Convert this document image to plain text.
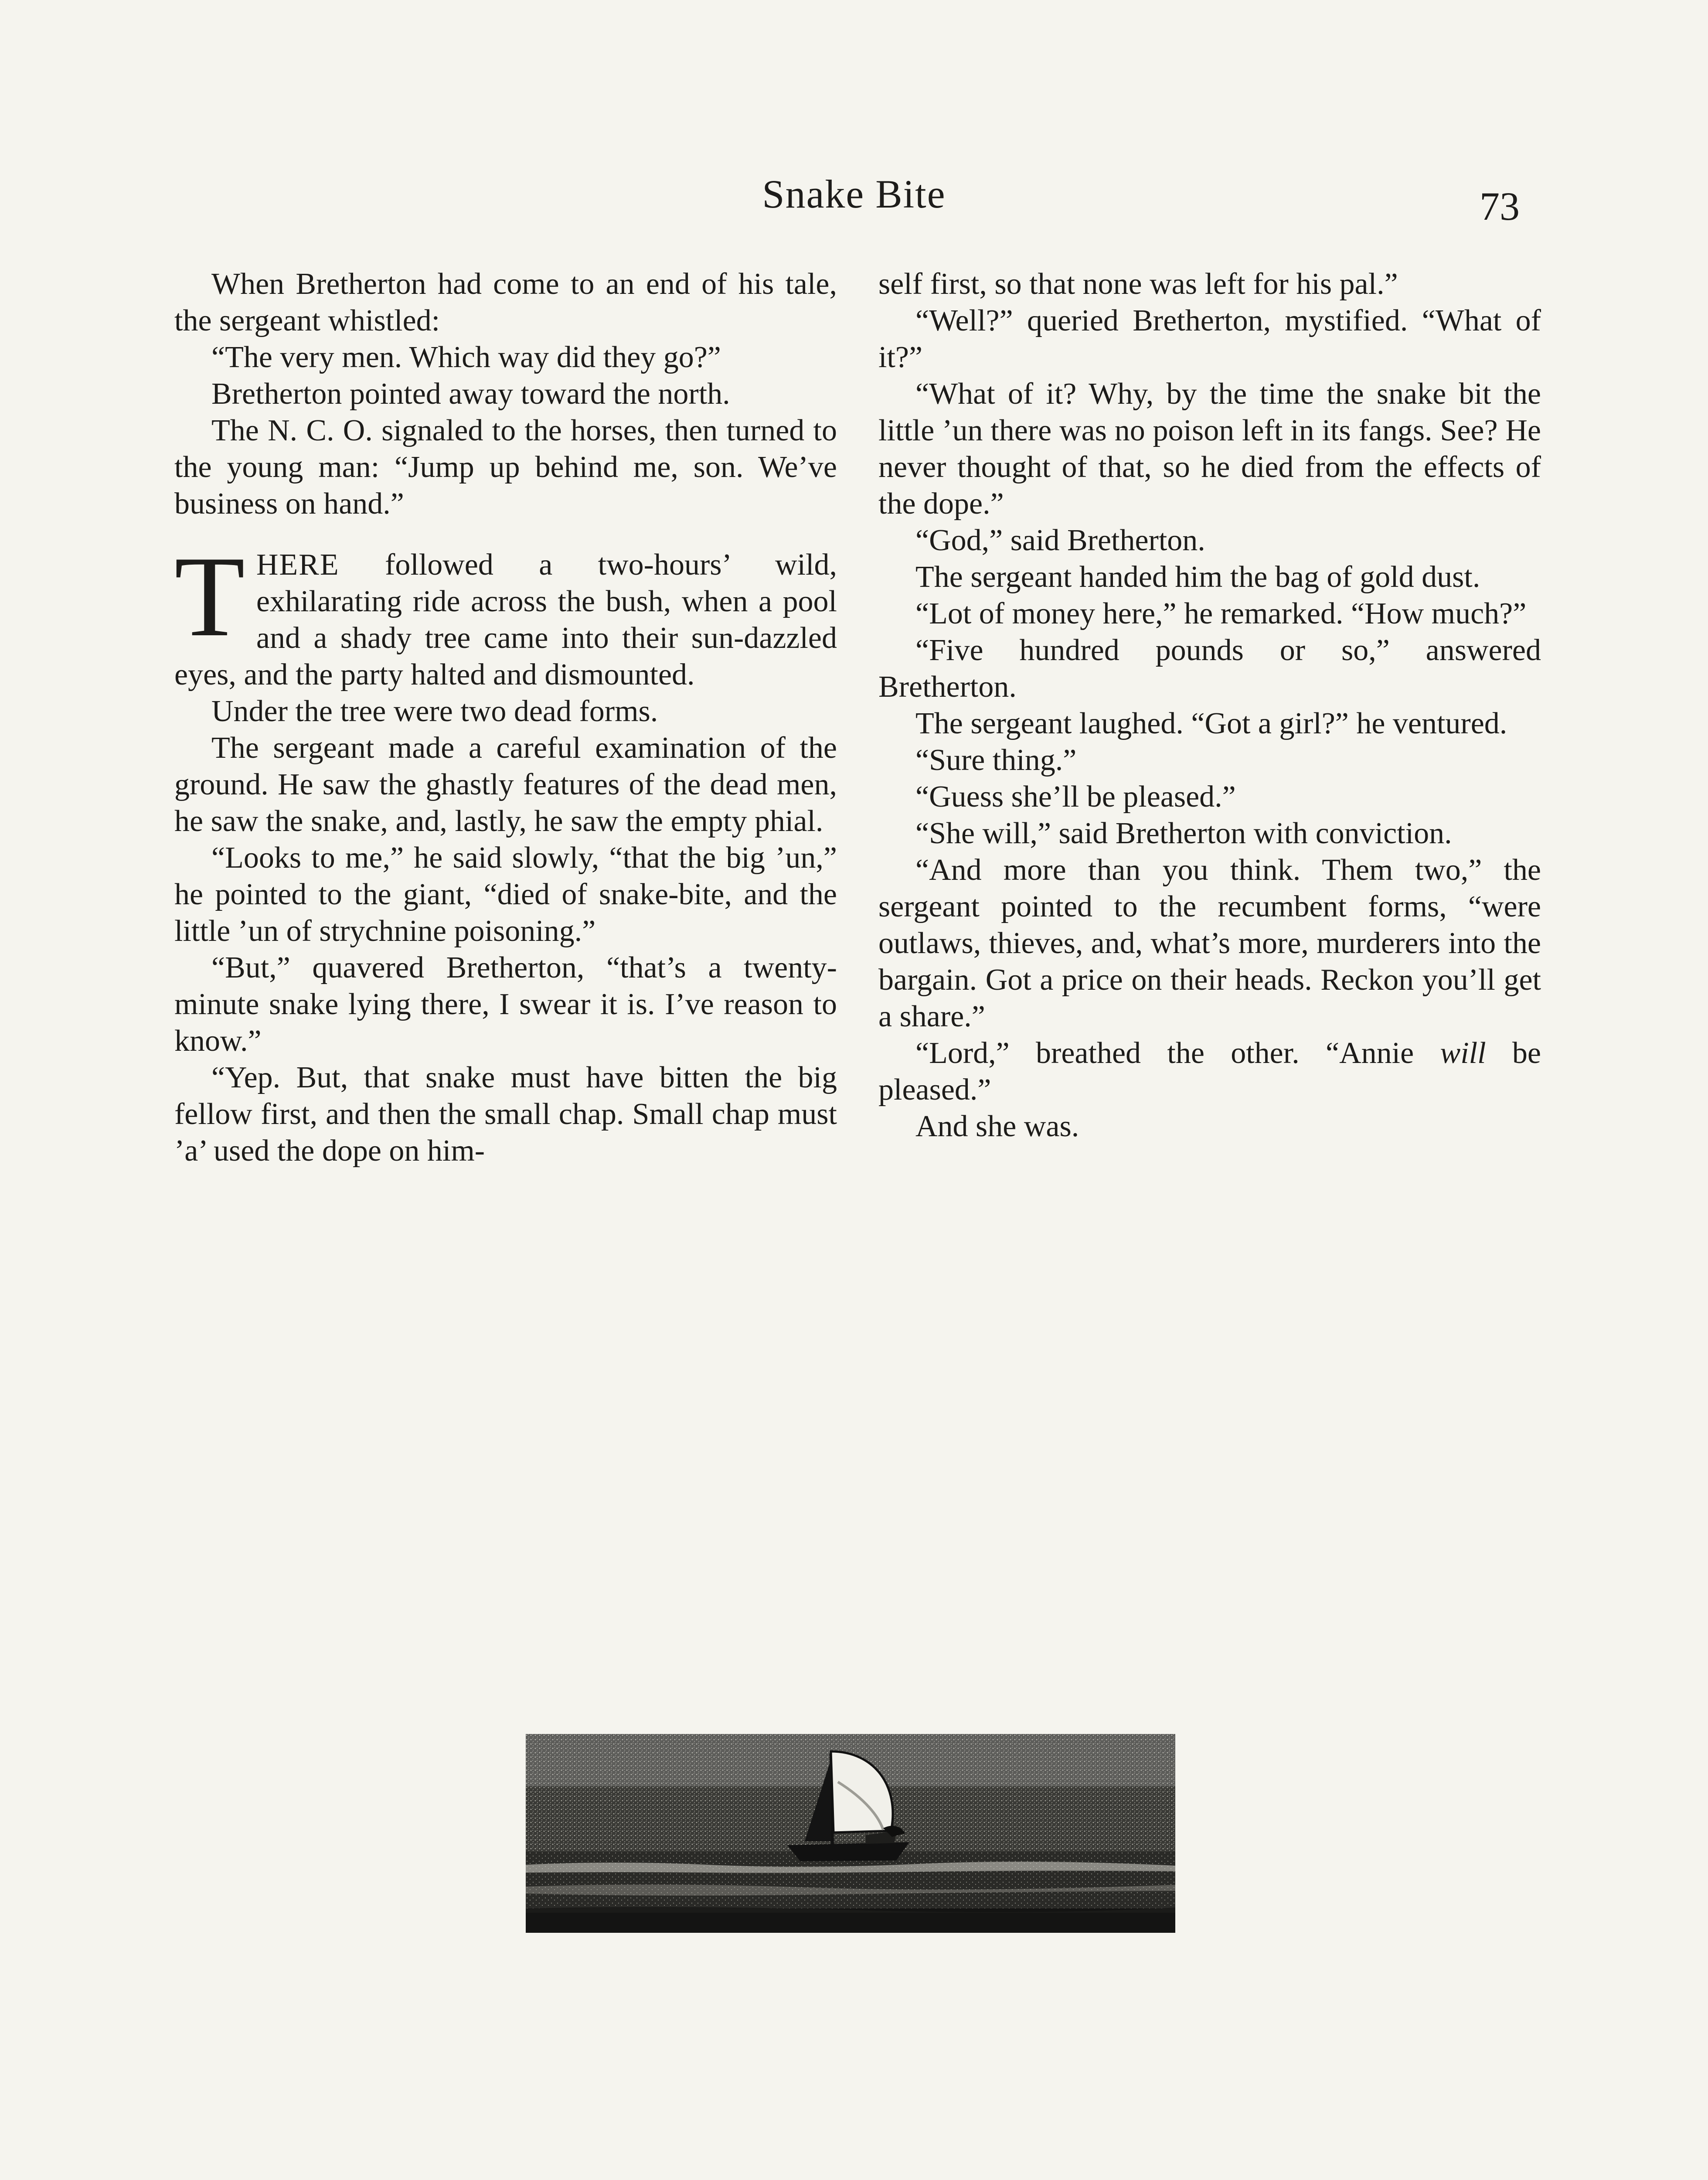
Snake Bite	73

When Bretherton had come to an end of his tale, the sergeant whistled:

“The very men. Which way did they go?”

Bretherton pointed away toward the north.

The N. C. O. signaled to the horses, then turned to the young man: “Jump up behind me, son. We’ve business on hand.”

THERE followed a two-hours’ wild, exhilarating ride across the bush, when a pool and a shady tree came into their sun-dazzled eyes, and the party halted and dismounted.

Under the tree were two dead forms.

The sergeant made a careful examination of the ground. He saw the ghastly features of the dead men, he saw the snake, and, lastly, he saw the empty phial.

“Looks to me,” he said slowly, “that the big ’un,” he pointed to the giant, “died of snake-bite, and the little ’un of strychnine poisoning.”

“But,” quavered Bretherton, “that’s a twenty-minute snake lying there, I swear it is. I’ve reason to know.”

“Yep. But, that snake must have bitten the big fellow first, and then the small chap. Small chap must ’a’ used the dope on him-

self first, so that none was left for his pal.”

“Well?” queried Bretherton, mystified. “What of it?”

“What of it? Why, by the time the snake bit the little ’un there was no poison left in its fangs. See? He never thought of that, so he died from the effects of the dope.”

“God,” said Bretherton.

The sergeant handed him the bag of gold dust.

“Lot of money here,” he remarked. “How much?”

“Five hundred pounds or so,” answered Bretherton.

The sergeant laughed. “Got a girl?” he ventured.

“Sure thing.”

“Guess she’ll be pleased.”

“She will,” said Bretherton with conviction.

“And more than you think. Them two,” the sergeant pointed to the recumbent forms, “were outlaws, thieves, and, what’s more, murderers into the bargain. Got a price on their heads. Reckon you’ll get a share.”

“Lord,” breathed the other. “Annie will be pleased.”

And she was.
